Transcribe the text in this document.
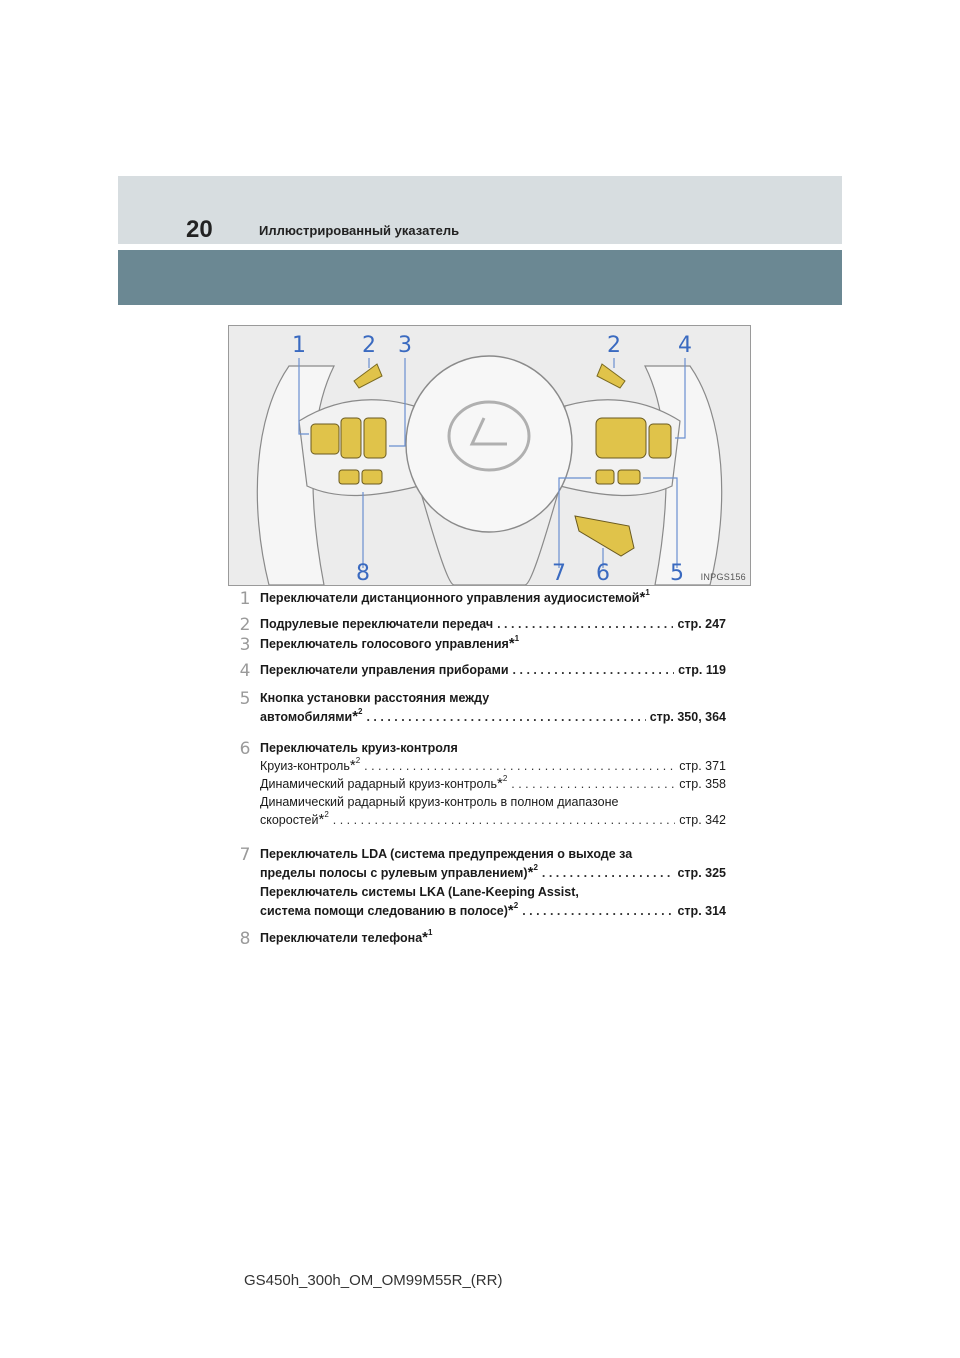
20	Иллюстрированный указатель
1	2 3	2	4
8	7 6	5 INPGS156
1 Переключатели дистанционного управления аудиосистемой*$^1$
2 Подрулевые переключатели передач . . .	стр. 247
3 Переключатель голосового управления*$^1$
4 Переключатели управления приборами . . .	стр. 119
5 Кнопка установки расстояния между
автомобилями*$^2$ . . .	стр. 350, 364
6 Переключатель круиз-контроля
Круиз-контроль*$^2$ . . .	стр. 371
Динамический радарный круиз-контроль*$^2$ . . .	стр. 358
Динамический радарный круиз-контроль в полном диапазоне
скоростей*$^2$ . . .	стр. 342
7 Переключатель LDA (система предупреждения о выходе за
пределы полосы с рулевым управлением)*$^2$ . . .	стр. 325
Переключатель системы LKA (Lane-Keeping Assist,
система помощи следованию в полосе)*$^2$ . . .	стр. 314
8 Переключатели телефона*$^1$
GS450h_300h_OM_OM99M55R_(RR)
